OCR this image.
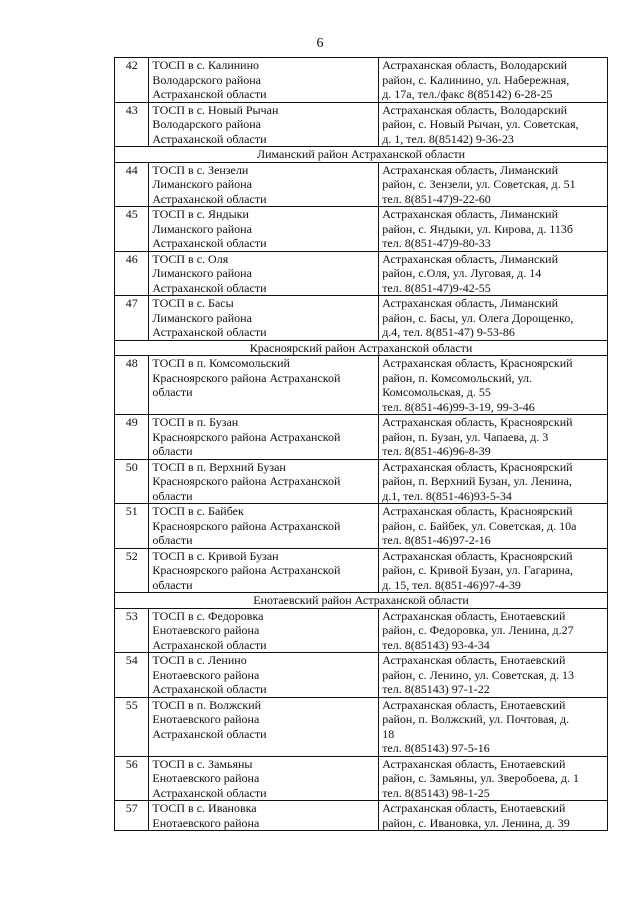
6
42	ТОСП в с. Калинино
Володарского района
Астраханской области	Астраханская область, Володарский
район, с. Калинино, ул. Набережная,
д. 17а, тел./факс 8(85142) 6-28-25

43	ТОСП в с. Новый Рычан
Володарского района
Астраханской области	Астраханская область, Володарский
район, с. Новый Рычан, ул. Советская,
д. 1, тел. 8(85142) 9-36-23

Лиманский район Астраханской области		
44	ТОСП в с. Зензели
Лиманского района
Астраханской области	Астраханская область, Лиманский
район, с. Зензели, ул. Советская, д. 51
тел. 8(851-47)9-22-60

45	ТОСП в с. Яндыки
Лиманского района
Астраханской области	Астраханская область, Лиманский
район, с. Яндыки, ул. Кирова, д. 113б
тел. 8(851-47)9-80-33

46	ТОСП в с. Оля
Лиманского района
Астраханской области	Астраханская область, Лиманский
район, с.Оля, ул. Луговая, д. 14
тел. 8(851-47)9-42-55

47	ТОСП в с. Басы
Лиманского района
Астраханской области	Астраханская область, Лиманский
район, с. Басы, ул. Олега Дорощенко,
д.4, тел. 8(851-47) 9-53-86

Красноярский район Астраханской области		
48	ТОСП в п. Комсомольский
Красноярского района Астраханской
области	Астраханская область, Красноярский
район, п. Комсомольский, ул.
Комсомольская, д. 55
тел. 8(851-46)99-3-19, 99-3-46

49	ТОСП в п. Бузан
Красноярского района Астраханской
области	Астраханская область, Красноярский
район, п. Бузан, ул. Чапаева, д. 3
тел. 8(851-46)96-8-39

50	ТОСП в п. Верхний Бузан
Красноярского района Астраханской
области	Астраханская область, Красноярский
район, п. Верхний Бузан, ул. Ленина,
д.1, тел. 8(851-46)93-5-34

51	ТОСП в с. Байбек
Красноярского района Астраханской
области	Астраханская область, Красноярский
район, с. Байбек, ул. Советская, д. 10а
тел. 8(851-46)97-2-16

52	ТОСП в с. Кривой Бузан
Красноярского района Астраханской
области	Астраханская область, Красноярский
район, с. Кривой Бузан, ул. Гагарина,
д. 15, тел. 8(851-46)97-4-39

Енотаевский район Астраханской области		
53	ТОСП в с. Федоровка
Енотаевского района
Астраханской области	Астраханская область, Енотаевский
район, с. Федоровка, ул. Ленина, д.27
тел. 8(85143) 93-4-34

54	ТОСП в с. Ленино
Енотаевского района
Астраханской области	Астраханская область, Енотаевский
район, с. Ленино, ул. Советская, д. 13
тел. 8(85143) 97-1-22

55	ТОСП в п. Волжский
Енотаевского района
Астраханской области	Астраханская область, Енотаевский
район, п. Волжский, ул. Почтовая, д.
18
тел. 8(85143) 97-5-16

56	ТОСП в с. Замьяны
Енотаевского района
Астраханской области	Астраханская область, Енотаевский
район, с. Замьяны, ул. Зверобоева, д. 1
тел. 8(85143) 98-1-25

57	ТОСП в с. Ивановка
Енотаевского района	Астраханская область, Енотаевский
район, с. Ивановка, ул. Ленина, д. 39
